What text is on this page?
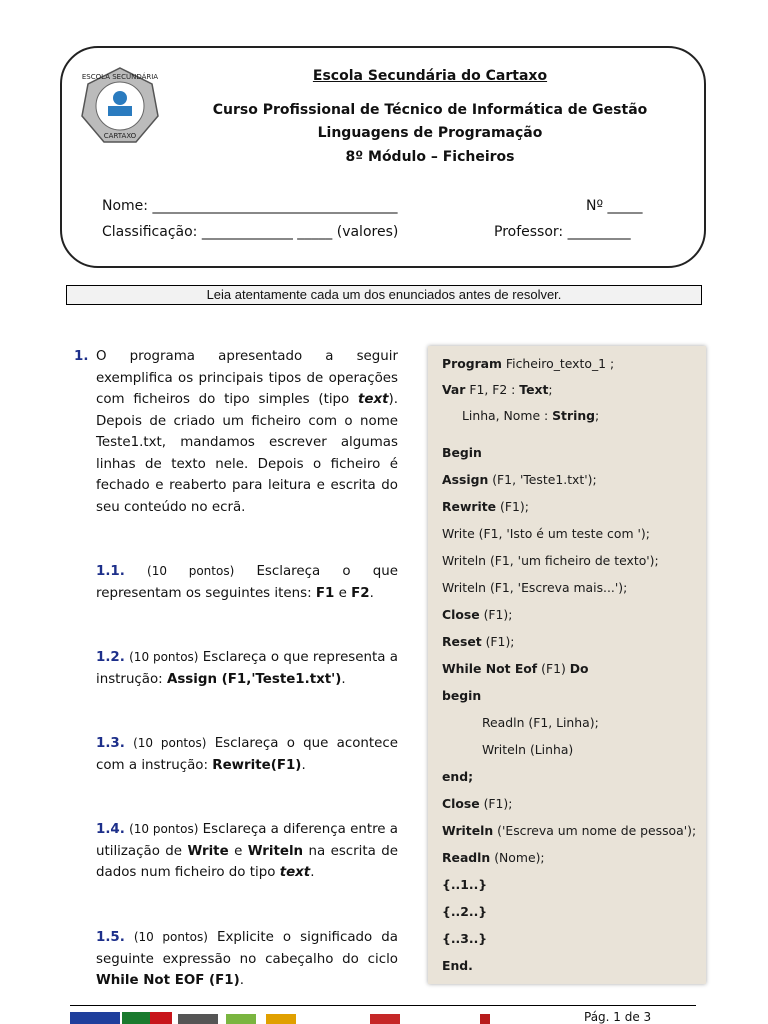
ESCOLA SECUNDÁRIA
CARTAXO
Escola Secundária do Cartaxo
Curso Profissional de Técnico de Informática de Gestão
Linguagens de Programação
8º Módulo – Ficheiros
Nome: ___________________________________	Nº _____
Classificação: _____________ _____ (valores)	Professor: _________
Leia atentamente cada um dos enunciados antes de resolver.
1. O programa apresentado a seguir exemplifica os principais tipos de operações com ficheiros do tipo simples (tipo text). Depois de criado um ficheiro com o nome Teste1.txt, mandamos escrever algumas linhas de texto nele. Depois o ficheiro é fechado e reaberto para leitura e escrita do seu conteúdo no ecrã.
1.1. (10 pontos) Esclareça o que representam os seguintes itens: F1 e F2.
1.2. (10 pontos) Esclareça o que representa a instrução: Assign (F1,'Teste1.txt').
1.3. (10 pontos) Esclareça o que acontece com a instrução: Rewrite(F1).
1.4. (10 pontos) Esclareça a diferença entre a utilização de Write e Writeln na escrita de dados num ficheiro do tipo text.
1.5. (10 pontos) Explicite o significado da seguinte expressão no cabeçalho do ciclo While Not EOF (F1).
Program Ficheiro_texto_1 ;
Var F1, F2 : Text;
Linha, Nome : String;
Begin
Assign (F1, 'Teste1.txt');
Rewrite (F1);
Write (F1, 'Isto é um teste com ');
Writeln (F1, 'um ficheiro de texto');
Writeln (F1, 'Escreva mais...');
Close (F1);
Reset (F1);
While Not Eof (F1) Do
begin
Readln (F1, Linha);
Writeln (Linha)
end;
Close (F1);
Writeln ('Escreva um nome de pessoa');
Readln (Nome);
{..1..}
{..2..}
{..3..}
End.
Pág. 1 de 3
